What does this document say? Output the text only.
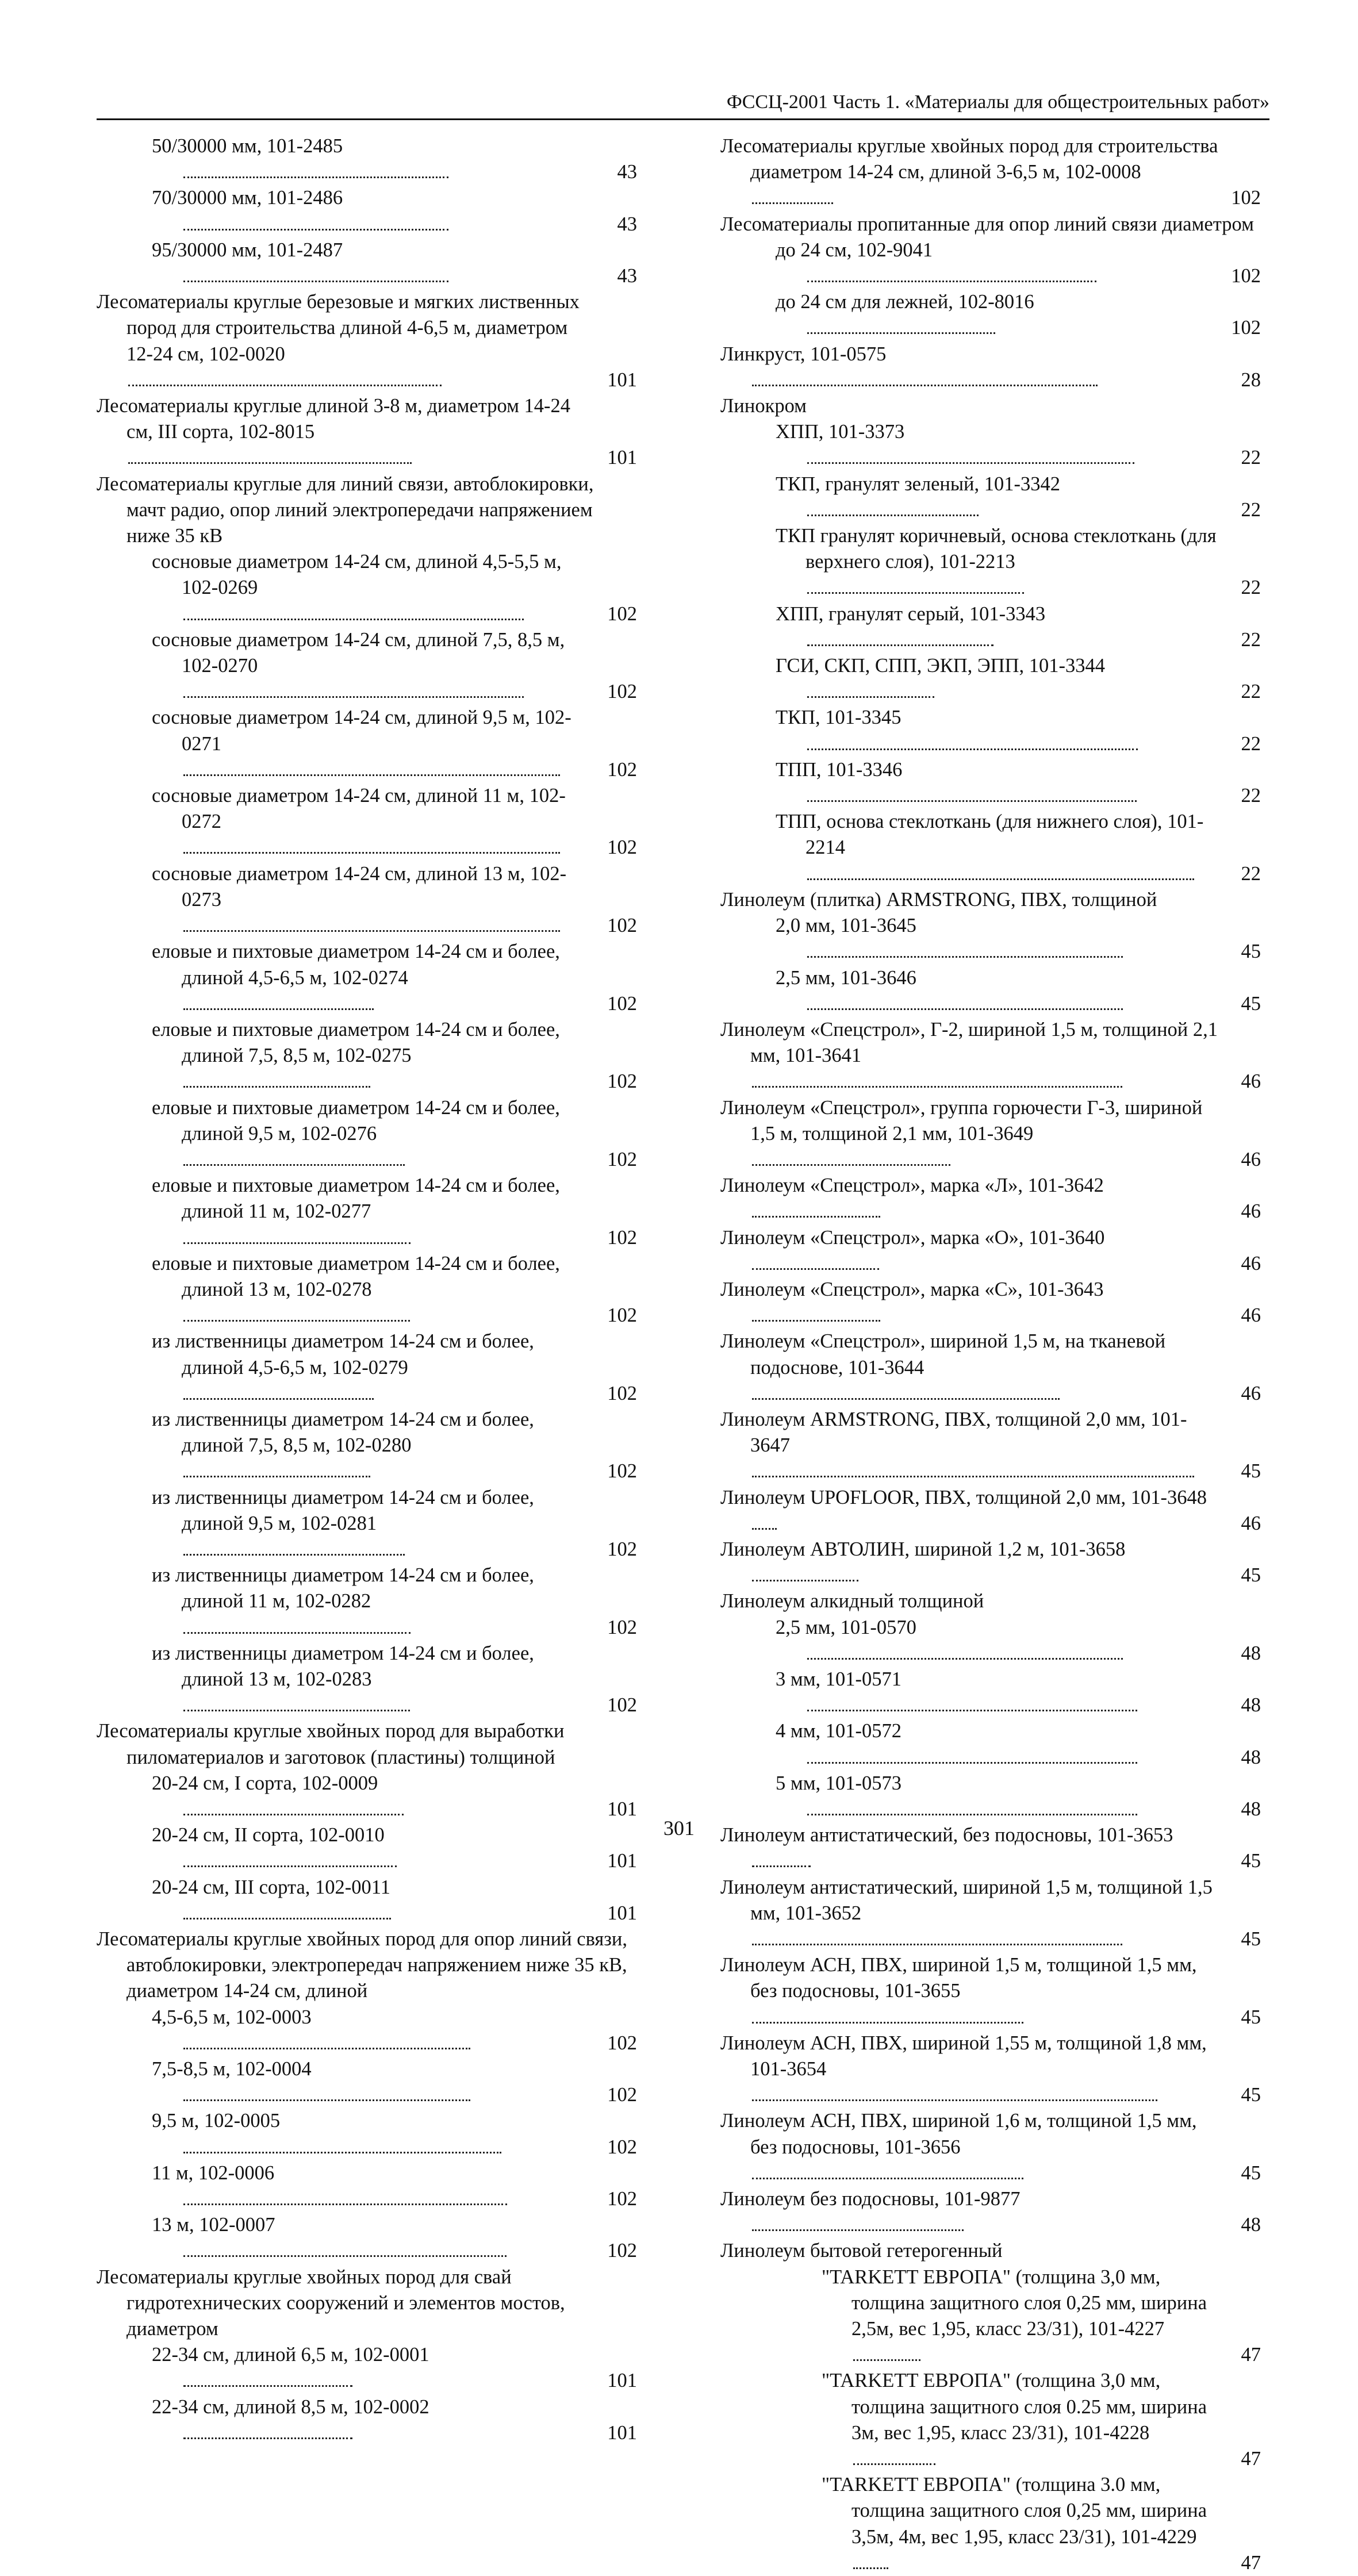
ФССЦ-2001 Часть 1. «Материалы для общестроительных работ»
50/30000 мм, 101-2485
43
70/30000 мм, 101-2486
43
95/30000 мм, 101-2487
43
Лесоматериалы круглые березовые и мягких лиственных пород для строительства длиной 4-6,5 м, диаметром 12-24 см, 102-0020
101
Лесоматериалы круглые длиной 3-8 м, диаметром 14-24 см, III сорта, 102-8015
101
Лесоматериалы круглые для линий связи, автоблокировки, мачт радио, опор линий электропередачи напряжением ниже 35 кВ
сосновые диаметром 14-24 см, длиной 4,5-5,5 м, 102-0269
102
сосновые диаметром 14-24 см, длиной 7,5, 8,5 м, 102-0270
102
сосновые диаметром 14-24 см, длиной 9,5 м, 102-0271
102
сосновые диаметром 14-24 см, длиной 11 м, 102-0272
102
сосновые диаметром 14-24 см, длиной 13 м, 102-0273
102
еловые и пихтовые диаметром 14-24 см и более, длиной 4,5-6,5 м, 102-0274
102
еловые и пихтовые диаметром 14-24 см и более, длиной 7,5, 8,5 м, 102-0275
102
еловые и пихтовые диаметром 14-24 см и более, длиной 9,5 м, 102-0276
102
еловые и пихтовые диаметром 14-24 см и более, длиной 11 м, 102-0277
102
еловые и пихтовые диаметром 14-24 см и более, длиной 13 м, 102-0278
102
из лиственницы диаметром 14-24 см и более, длиной 4,5-6,5 м, 102-0279
102
из лиственницы диаметром 14-24 см и более, длиной 7,5, 8,5 м, 102-0280
102
из лиственницы диаметром 14-24 см и более, длиной 9,5 м, 102-0281
102
из лиственницы диаметром 14-24 см и более, длиной 11 м, 102-0282
102
из лиственницы диаметром 14-24 см и более, длиной 13 м, 102-0283
102
Лесоматериалы круглые хвойных пород для выработки пиломатериалов и заготовок (пластины) толщиной
20-24 см, I сорта, 102-0009
101
20-24 см, II сорта, 102-0010
101
20-24 см, III сорта, 102-0011
101
Лесоматериалы круглые хвойных пород для опор линий связи, автоблокировки, электропередач напряжением ниже 35 кВ, диаметром 14-24 см, длиной
4,5-6,5 м, 102-0003
102
7,5-8,5 м, 102-0004
102
9,5 м, 102-0005
102
11 м, 102-0006
102
13 м, 102-0007
102
Лесоматериалы круглые хвойных пород для свай гидротехнических сооружений и элементов мостов, диаметром
22-34 см, длиной 6,5 м, 102-0001
101
22-34 см, длиной 8,5 м, 102-0002
101
Лесоматериалы круглые хвойных пород для строительства диаметром 14-24 см, длиной 3-6,5 м, 102-0008
102
Лесоматериалы пропитанные для опор линий связи диаметром
до 24 см, 102-9041
102
до 24 см для лежней, 102-8016
102
Линкруст, 101-0575
28
Линокром
ХПП, 101-3373
22
ТКП, гранулят зеленый, 101-3342
22
ТКП гранулят коричневый, основа стеклоткань (для верхнего слоя), 101-2213
22
ХПП, гранулят серый, 101-3343
22
ГСИ, СКП, СПП, ЭКП, ЭПП, 101-3344
22
ТКП, 101-3345
22
ТПП, 101-3346
22
ТПП, основа стеклоткань (для нижнего слоя), 101-2214
22
Линолеум (плитка) ARMSTRONG, ПВХ, толщиной
2,0 мм, 101-3645
45
2,5 мм, 101-3646
45
Линолеум «Спецстрол», Г-2, шириной 1,5 м, толщиной 2,1 мм, 101-3641
46
Линолеум «Спецстрол», группа горючести Г-3, шириной 1,5 м, толщиной 2,1 мм, 101-3649
46
Линолеум «Спецстрол», марка «Л», 101-3642
46
Линолеум «Спецстрол», марка «О», 101-3640
46
Линолеум «Спецстрол», марка «С», 101-3643
46
Линолеум «Спецстрол», шириной 1,5 м, на тканевой подоснове, 101-3644
46
Линолеум ARMSTRONG, ПВХ, толщиной 2,0 мм, 101-3647
45
Линолеум UPOFLOOR, ПВХ, толщиной 2,0 мм, 101-3648
46
Линолеум АВТОЛИН, шириной 1,2 м, 101-3658
45
Линолеум алкидный толщиной
2,5 мм, 101-0570
48
3 мм, 101-0571
48
4 мм, 101-0572
48
5 мм, 101-0573
48
Линолеум антистатический, без подосновы, 101-3653
45
Линолеум антистатический, шириной 1,5 м, толщиной 1,5 мм, 101-3652
45
Линолеум АСН, ПВХ, шириной 1,5 м, толщиной 1,5 мм, без подосновы, 101-3655
45
Линолеум АСН, ПВХ, шириной 1,55 м, толщиной 1,8 мм, 101-3654
45
Линолеум АСН, ПВХ, шириной 1,6 м, толщиной 1,5 мм, без подосновы, 101-3656
45
Линолеум без подосновы, 101-9877
48
Линолеум бытовой гетерогенный
"TARKETT ЕВРОПА" (толщина 3,0 мм, толщина защитного слоя 0,25 мм, ширина 2,5м, вес 1,95, класс 23/31), 101-4227
47
"TARKETT ЕВРОПА" (толщина 3,0 мм, толщина защитного слоя 0.25 мм, ширина 3м, вес 1,95, класс 23/31), 101-4228
47
"TARKETT ЕВРОПА" (толщина 3.0 мм, толщина защитного слоя 0,25 мм, ширина 3,5м, 4м, вес 1,95, класс 23/31), 101-4229
47
301
